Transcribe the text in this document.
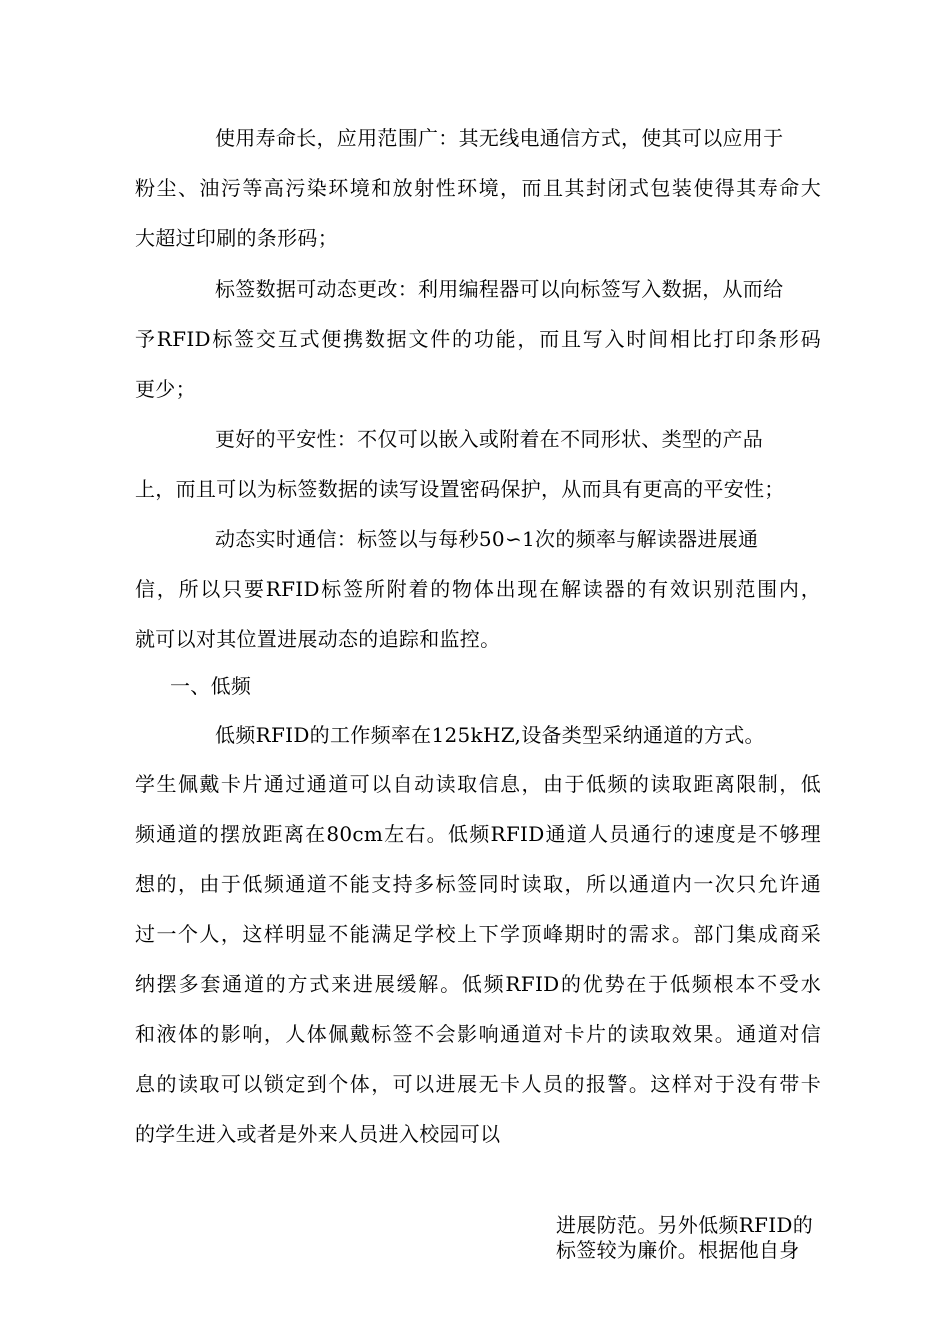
使用寿命长，应用范围广：其无线电通信方式，使其可以应用于
粉尘、油污等高污染环境和放射性环境，而且其封闭式包装使得其寿命大
大超过印刷的条形码；
标签数据可动态更改：利用编程器可以向标签写入数据，从而给
予RFID标签交互式便携数据文件的功能，而且写入时间相比打印条形码
更少；
更好的平安性：不仅可以嵌入或附着在不同形状、类型的产品
上，而且可以为标签数据的读写设置密码保护，从而具有更高的平安性；
动态实时通信：标签以与每秒50∽1次的频率与解读器进展通
信，所以只要RFID标签所附着的物体出现在解读器的有效识别范围内，
就可以对其位置进展动态的追踪和监控。
一、低频
低频RFID的工作频率在125kHZ,设备类型采纳通道的方式。
学生佩戴卡片通过通道可以自动读取信息，由于低频的读取距离限制，低
频通道的摆放距离在80cm左右。低频RFID通道人员通行的速度是不够理
想的，由于低频通道不能支持多标签同时读取，所以通道内一次只允许通
过一个人，这样明显不能满足学校上下学顶峰期时的需求。部门集成商采
纳摆多套通道的方式来进展缓解。低频RFID的优势在于低频根本不受水
和液体的影响，人体佩戴标签不会影响通道对卡片的读取效果。通道对信
息的读取可以锁定到个体，可以进展无卡人员的报警。这样对于没有带卡
的学生进入或者是外来人员进入校园可以
进展防范。另外低频RFID的
标签较为廉价。根据他自身
